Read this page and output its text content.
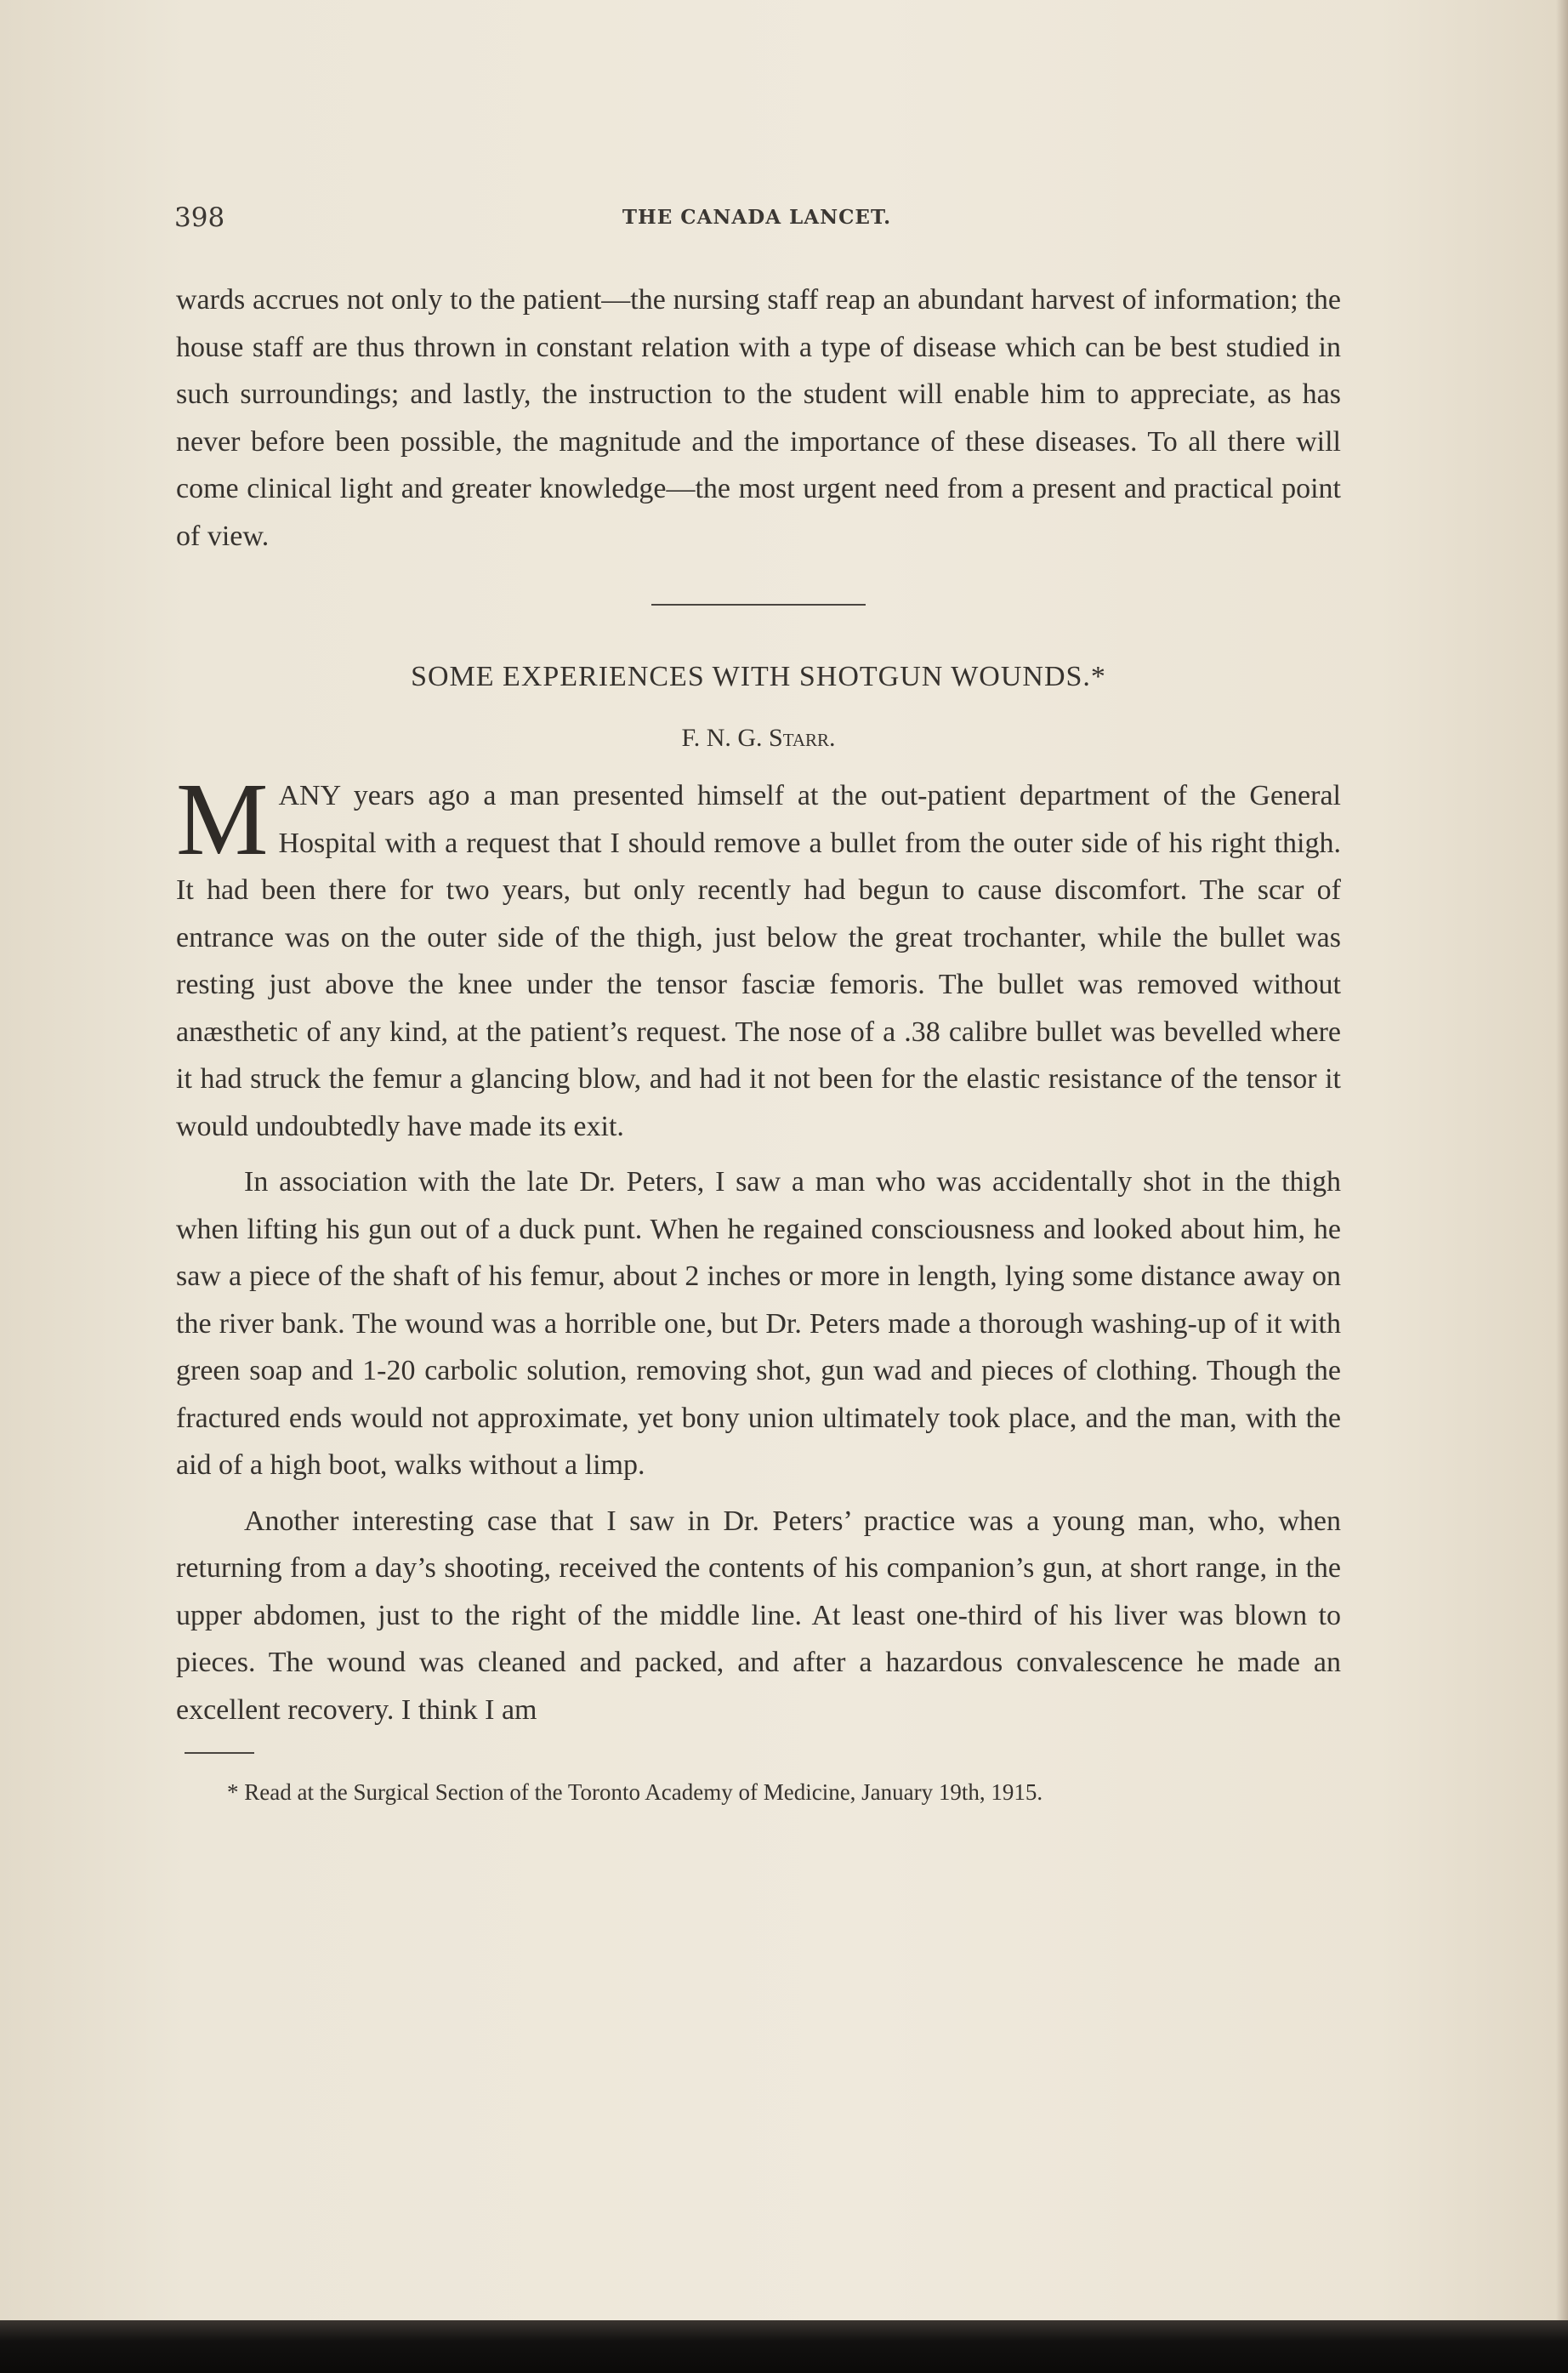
398	THE CANADA LANCET.

wards accrues not only to the patient—the nursing staff reap an abundant harvest of information; the house staff are thus thrown in constant relation with a type of disease which can be best studied in such surroundings; and lastly, the instruction to the student will enable him to appreciate, as has never before been possible, the magnitude and the importance of these diseases. To all there will come clinical light and greater knowledge—the most urgent need from a present and practical point of view.

SOME EXPERIENCES WITH SHOTGUN WOUNDS.*
F. N. G. Starr.

MANY years ago a man presented himself at the out-patient department of the General Hospital with a request that I should remove a bullet from the outer side of his right thigh. It had been there for two years, but only recently had begun to cause discomfort. The scar of entrance was on the outer side of the thigh, just below the great trochanter, while the bullet was resting just above the knee under the tensor fasciæ femoris. The bullet was removed without anæsthetic of any kind, at the patient’s request. The nose of a .38 calibre bullet was bevelled where it had struck the femur a glancing blow, and had it not been for the elastic resistance of the tensor it would undoubtedly have made its exit.

In association with the late Dr. Peters, I saw a man who was accidentally shot in the thigh when lifting his gun out of a duck punt. When he regained consciousness and looked about him, he saw a piece of the shaft of his femur, about 2 inches or more in length, lying some distance away on the river bank. The wound was a horrible one, but Dr. Peters made a thorough washing-up of it with green soap and 1-20 carbolic solution, removing shot, gun wad and pieces of clothing. Though the fractured ends would not approximate, yet bony union ultimately took place, and the man, with the aid of a high boot, walks without a limp.

Another interesting case that I saw in Dr. Peters’ practice was a young man, who, when returning from a day’s shooting, received the contents of his companion’s gun, at short range, in the upper abdomen, just to the right of the middle line. At least one-third of his liver was blown to pieces. The wound was cleaned and packed, and after a hazardous convalescence he made an excellent recovery. I think I am

* Read at the Surgical Section of the Toronto Academy of Medicine, January 19th, 1915.
